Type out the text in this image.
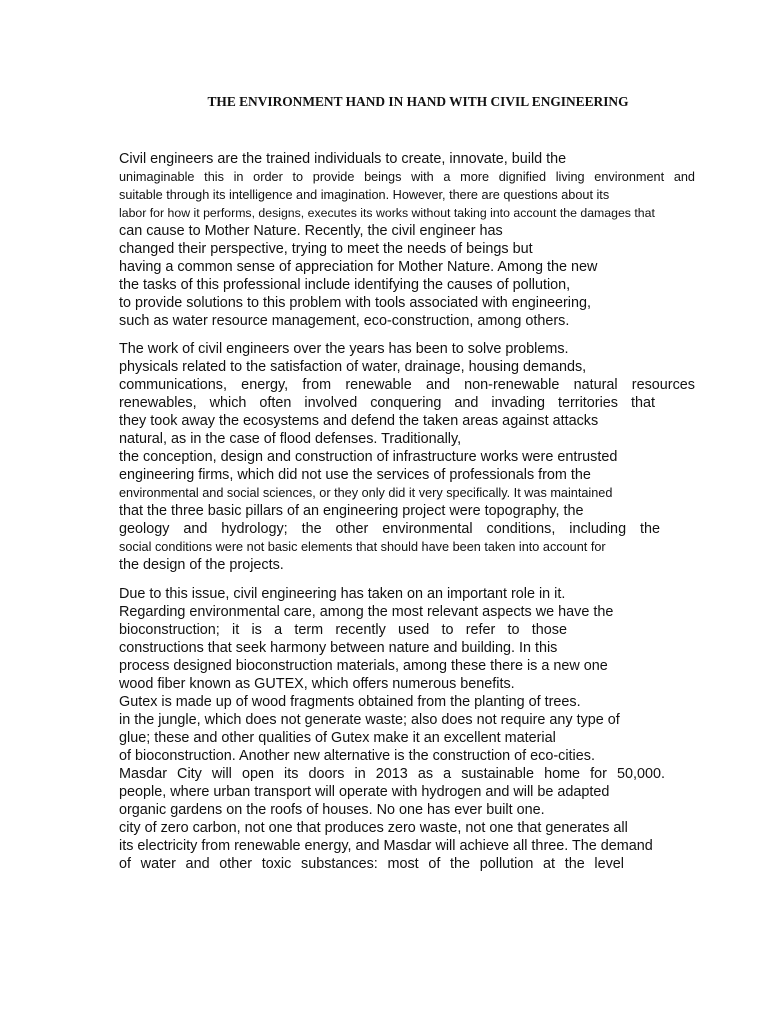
THE ENVIRONMENT HAND IN HAND WITH CIVIL ENGINEERING
Civil engineers are the trained individuals to create, innovate, build the
unimaginable this in order to provide beings with a more dignified living environment and
suitable through its intelligence and imagination. However, there are questions about its
labor for how it performs, designs, executes its works without taking into account the damages that
can cause to Mother Nature. Recently, the civil engineer has
changed their perspective, trying to meet the needs of beings but
having a common sense of appreciation for Mother Nature. Among the new
the tasks of this professional include identifying the causes of pollution,
to provide solutions to this problem with tools associated with engineering,
such as water resource management, eco-construction, among others.
The work of civil engineers over the years has been to solve problems.
physicals related to the satisfaction of water, drainage, housing demands,
communications, energy, from renewable and non-renewable natural resources
renewables, which often involved conquering and invading territories that
they took away the ecosystems and defend the taken areas against attacks
natural, as in the case of flood defenses. Traditionally,
the conception, design and construction of infrastructure works were entrusted
engineering firms, which did not use the services of professionals from the
environmental and social sciences, or they only did it very specifically. It was maintained
that the three basic pillars of an engineering project were topography, the
geology and hydrology; the other environmental conditions, including the
social conditions were not basic elements that should have been taken into account for
the design of the projects.
Due to this issue, civil engineering has taken on an important role in it.
Regarding environmental care, among the most relevant aspects we have the
bioconstruction; it is a term recently used to refer to those
constructions that seek harmony between nature and building. In this
process designed bioconstruction materials, among these there is a new one
wood fiber known as GUTEX, which offers numerous benefits.
Gutex is made up of wood fragments obtained from the planting of trees.
in the jungle, which does not generate waste; also does not require any type of
glue; these and other qualities of Gutex make it an excellent material
of bioconstruction. Another new alternative is the construction of eco-cities.
Masdar City will open its doors in 2013 as a sustainable home for 50,000.
people, where urban transport will operate with hydrogen and will be adapted
organic gardens on the roofs of houses. No one has ever built one.
city of zero carbon, not one that produces zero waste, not one that generates all
its electricity from renewable energy, and Masdar will achieve all three. The demand
of water and other toxic substances: most of the pollution at the level
